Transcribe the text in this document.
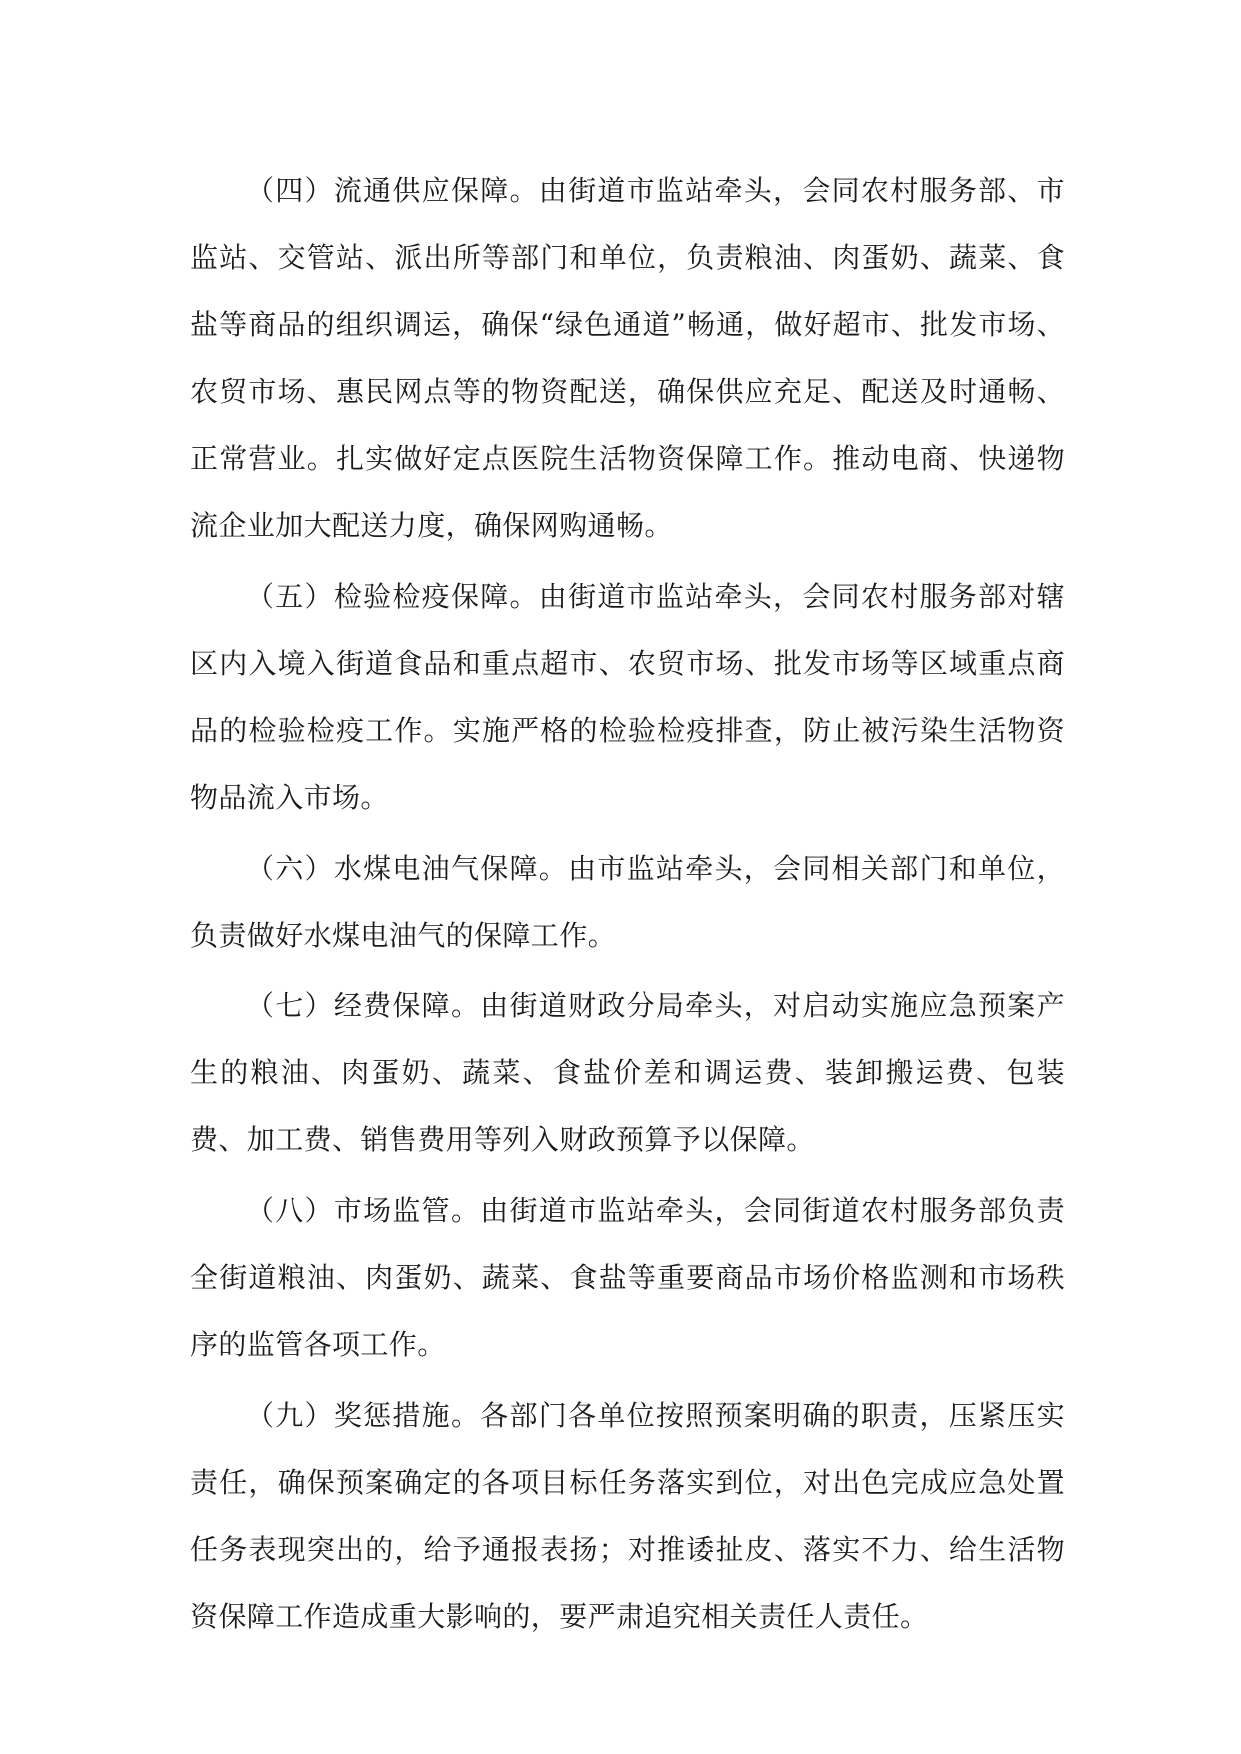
（四）流通供应保障。由街道市监站牵头，会同农村服务部、市监站、交管站、派出所等部门和单位，负责粮油、肉蛋奶、蔬菜、食盐等商品的组织调运，确保“绿色通道”畅通，做好超市、批发市场、农贸市场、惠民网点等的物资配送，确保供应充足、配送及时通畅、正常营业。扎实做好定点医院生活物资保障工作。推动电商、快递物流企业加大配送力度，确保网购通畅。

（五）检验检疫保障。由街道市监站牵头，会同农村服务部对辖区内入境入街道食品和重点超市、农贸市场、批发市场等区域重点商品的检验检疫工作。实施严格的检验检疫排查，防止被污染生活物资物品流入市场。

（六）水煤电油气保障。由市监站牵头，会同相关部门和单位，负责做好水煤电油气的保障工作。

（七）经费保障。由街道财政分局牵头，对启动实施应急预案产生的粮油、肉蛋奶、蔬菜、食盐价差和调运费、装卸搬运费、包装费、加工费、销售费用等列入财政预算予以保障。

（八）市场监管。由街道市监站牵头，会同街道农村服务部负责全街道粮油、肉蛋奶、蔬菜、食盐等重要商品市场价格监测和市场秩序的监管各项工作。

（九）奖惩措施。各部门各单位按照预案明确的职责，压紧压实责任，确保预案确定的各项目标任务落实到位，对出色完成应急处置任务表现突出的，给予通报表扬；对推诿扯皮、落实不力、给生活物资保障工作造成重大影响的，要严肃追究相关责任人责任。
